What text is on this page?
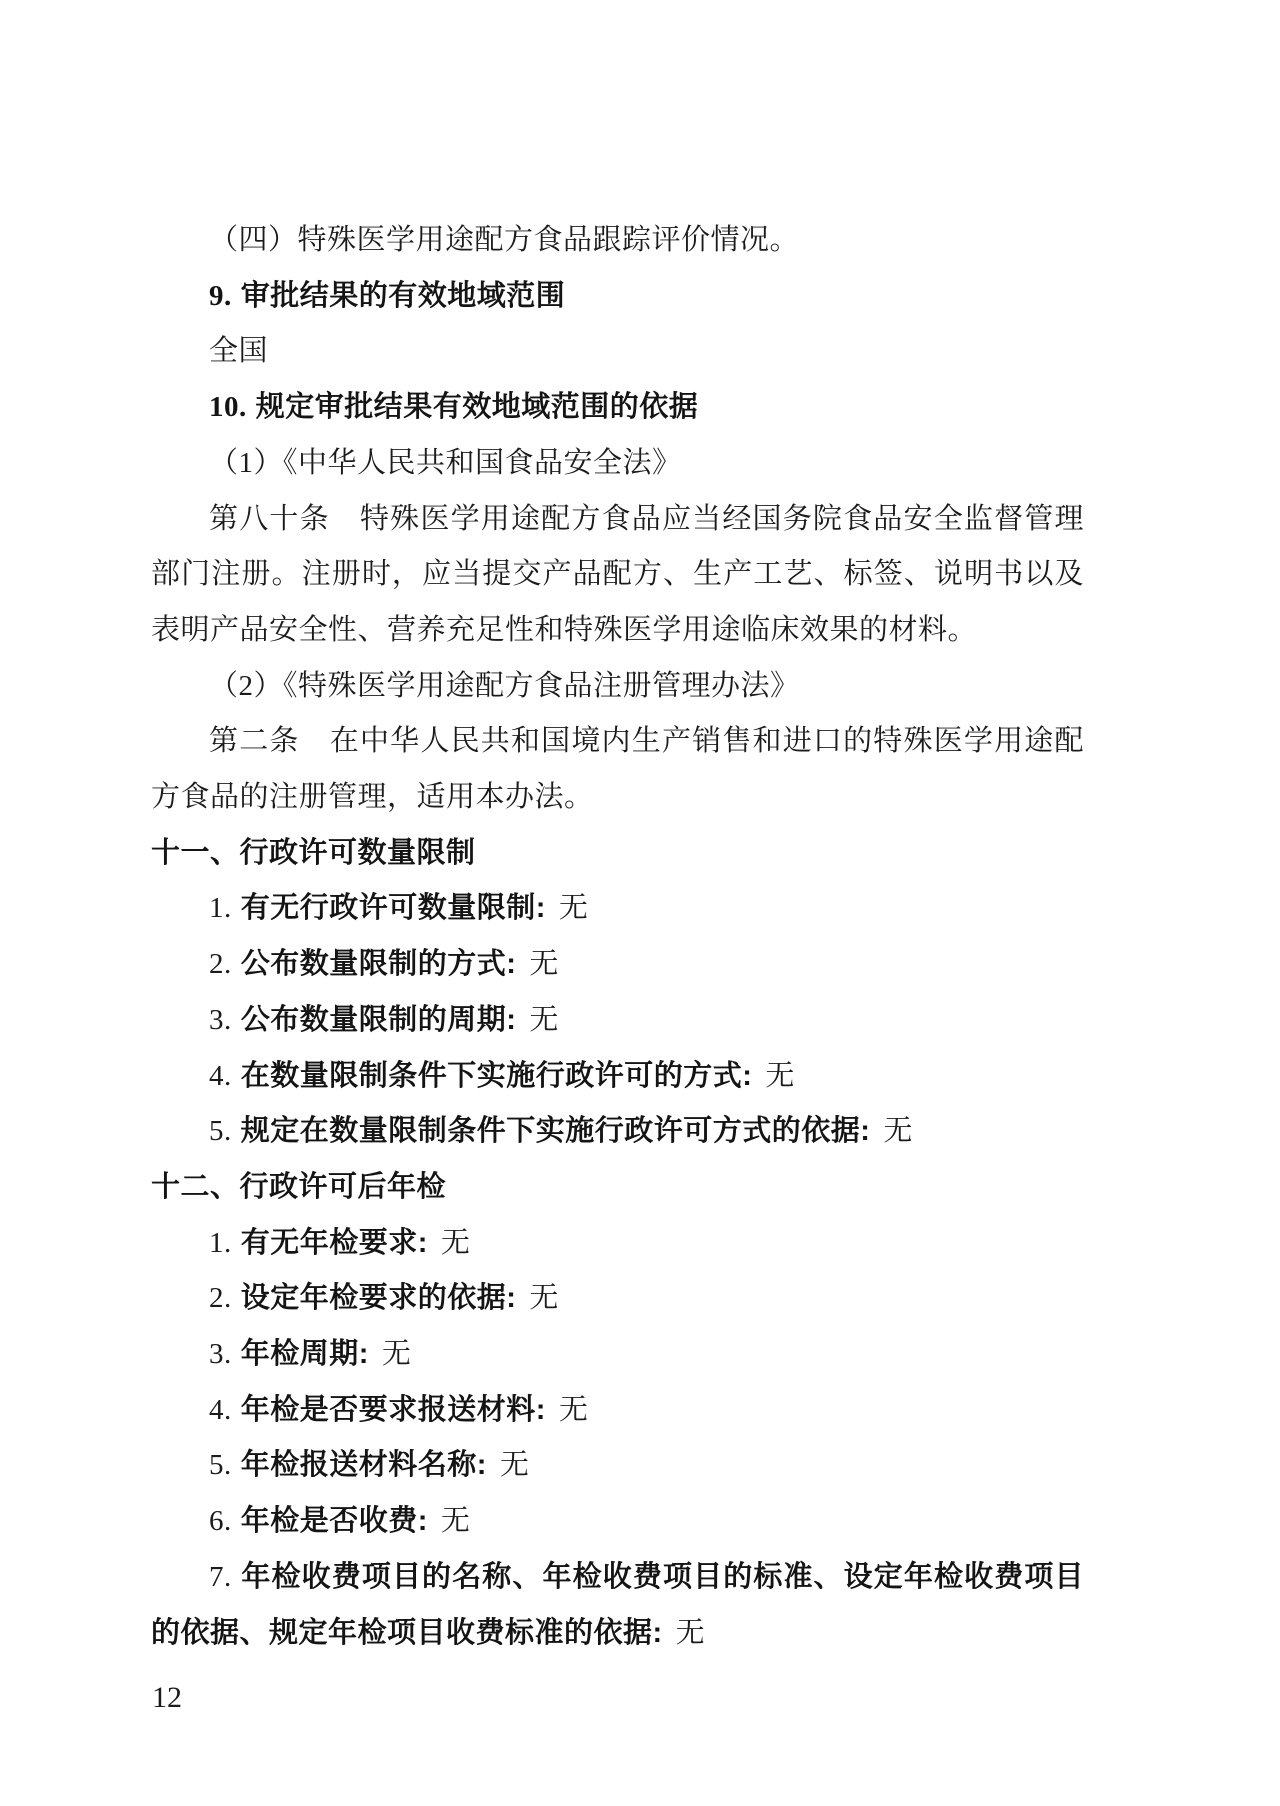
（四）特殊医学用途配方食品跟踪评价情况。

9. 审批结果的有效地域范围

全国

10. 规定审批结果有效地域范围的依据

（1）《中华人民共和国食品安全法》

第八十条　特殊医学用途配方食品应当经国务院食品安全监督管理部门注册。注册时，应当提交产品配方、生产工艺、标签、说明书以及表明产品安全性、营养充足性和特殊医学用途临床效果的材料。

（2）《特殊医学用途配方食品注册管理办法》

第二条　在中华人民共和国境内生产销售和进口的特殊医学用途配方食品的注册管理，适用本办法。

十一、行政许可数量限制

1. 有无行政许可数量限制: 无

2. 公布数量限制的方式: 无

3. 公布数量限制的周期: 无

4. 在数量限制条件下实施行政许可的方式: 无

5. 规定在数量限制条件下实施行政许可方式的依据: 无

十二、行政许可后年检

1. 有无年检要求: 无

2. 设定年检要求的依据: 无

3. 年检周期: 无

4. 年检是否要求报送材料: 无

5. 年检报送材料名称: 无

6. 年检是否收费: 无

7. 年检收费项目的名称、年检收费项目的标准、设定年检收费项目的依据、规定年检项目收费标准的依据: 无

12
